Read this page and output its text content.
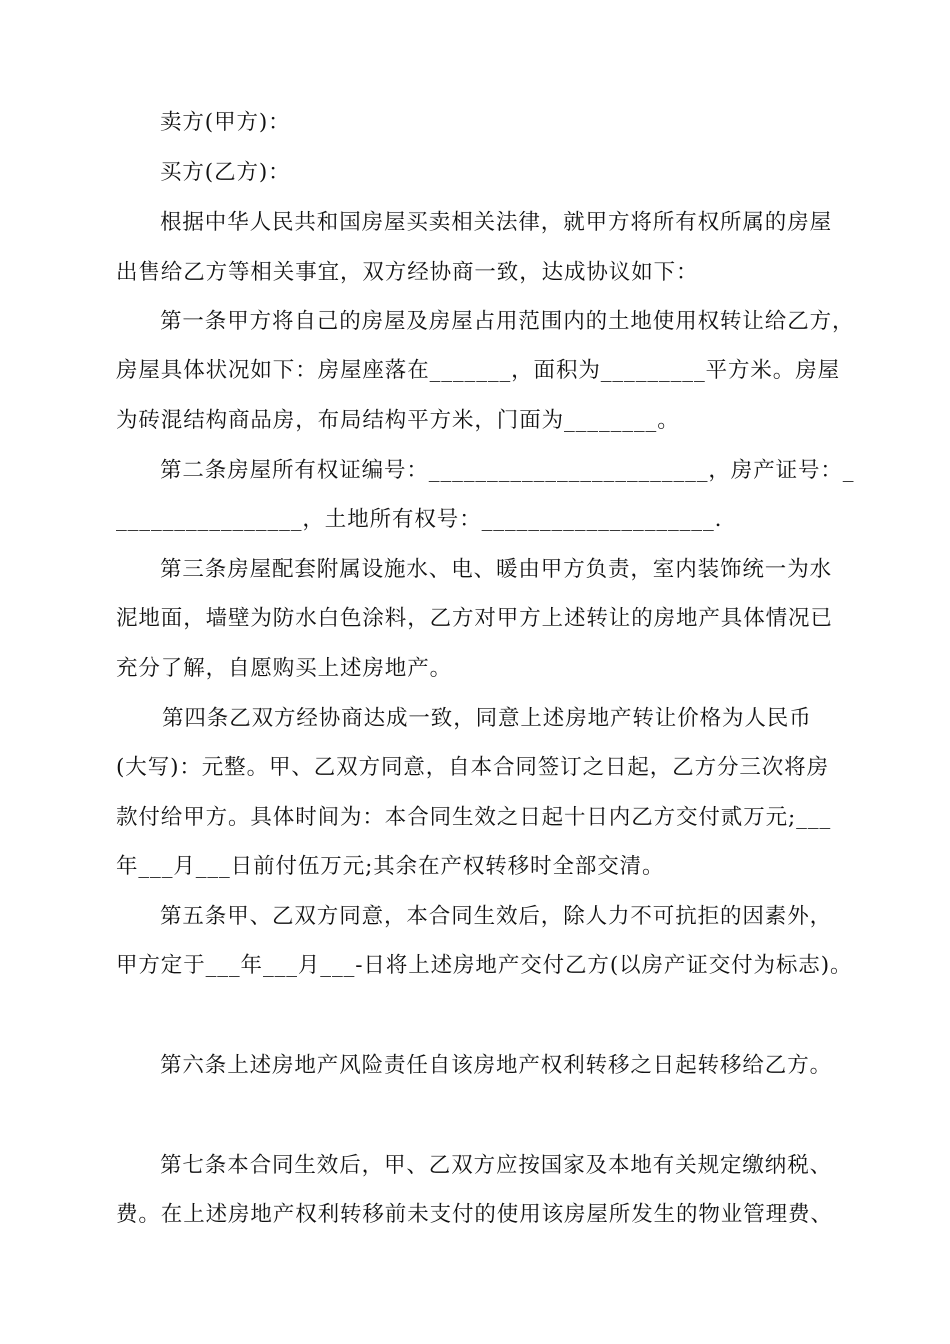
卖方(甲方)：
买方(乙方)：
根据中华人民共和国房屋买卖相关法律，就甲方将所有权所属的房屋
出售给乙方等相关事宜，双方经协商一致，达成协议如下：
第一条甲方将自己的房屋及房屋占用范围内的土地使用权转让给乙方，
房屋具体状况如下：房屋座落在_______，面积为_________平方米。房屋
为砖混结构商品房，布局结构平方米，门面为________。
第二条房屋所有权证编号：________________________，房产证号：_
________________，土地所有权号：____________________.
第三条房屋配套附属设施水、电、暖由甲方负责，室内装饰统一为水
泥地面，墙壁为防水白色涂料，乙方对甲方上述转让的房地产具体情况已
充分了解，自愿购买上述房地产。
第四条乙双方经协商达成一致，同意上述房地产转让价格为人民币
(大写)：元整。甲、乙双方同意，自本合同签订之日起，乙方分三次将房
款付给甲方。具体时间为：本合同生效之日起十日内乙方交付贰万元;___
年___月___日前付伍万元;其余在产权转移时全部交清。
第五条甲、乙双方同意，本合同生效后，除人力不可抗拒的因素外，
甲方定于___年___月___-日将上述房地产交付乙方(以房产证交付为标志)。
第六条上述房地产风险责任自该房地产权利转移之日起转移给乙方。
第七条本合同生效后，甲、乙双方应按国家及本地有关规定缴纳税、
费。在上述房地产权利转移前未支付的使用该房屋所发生的物业管理费、
